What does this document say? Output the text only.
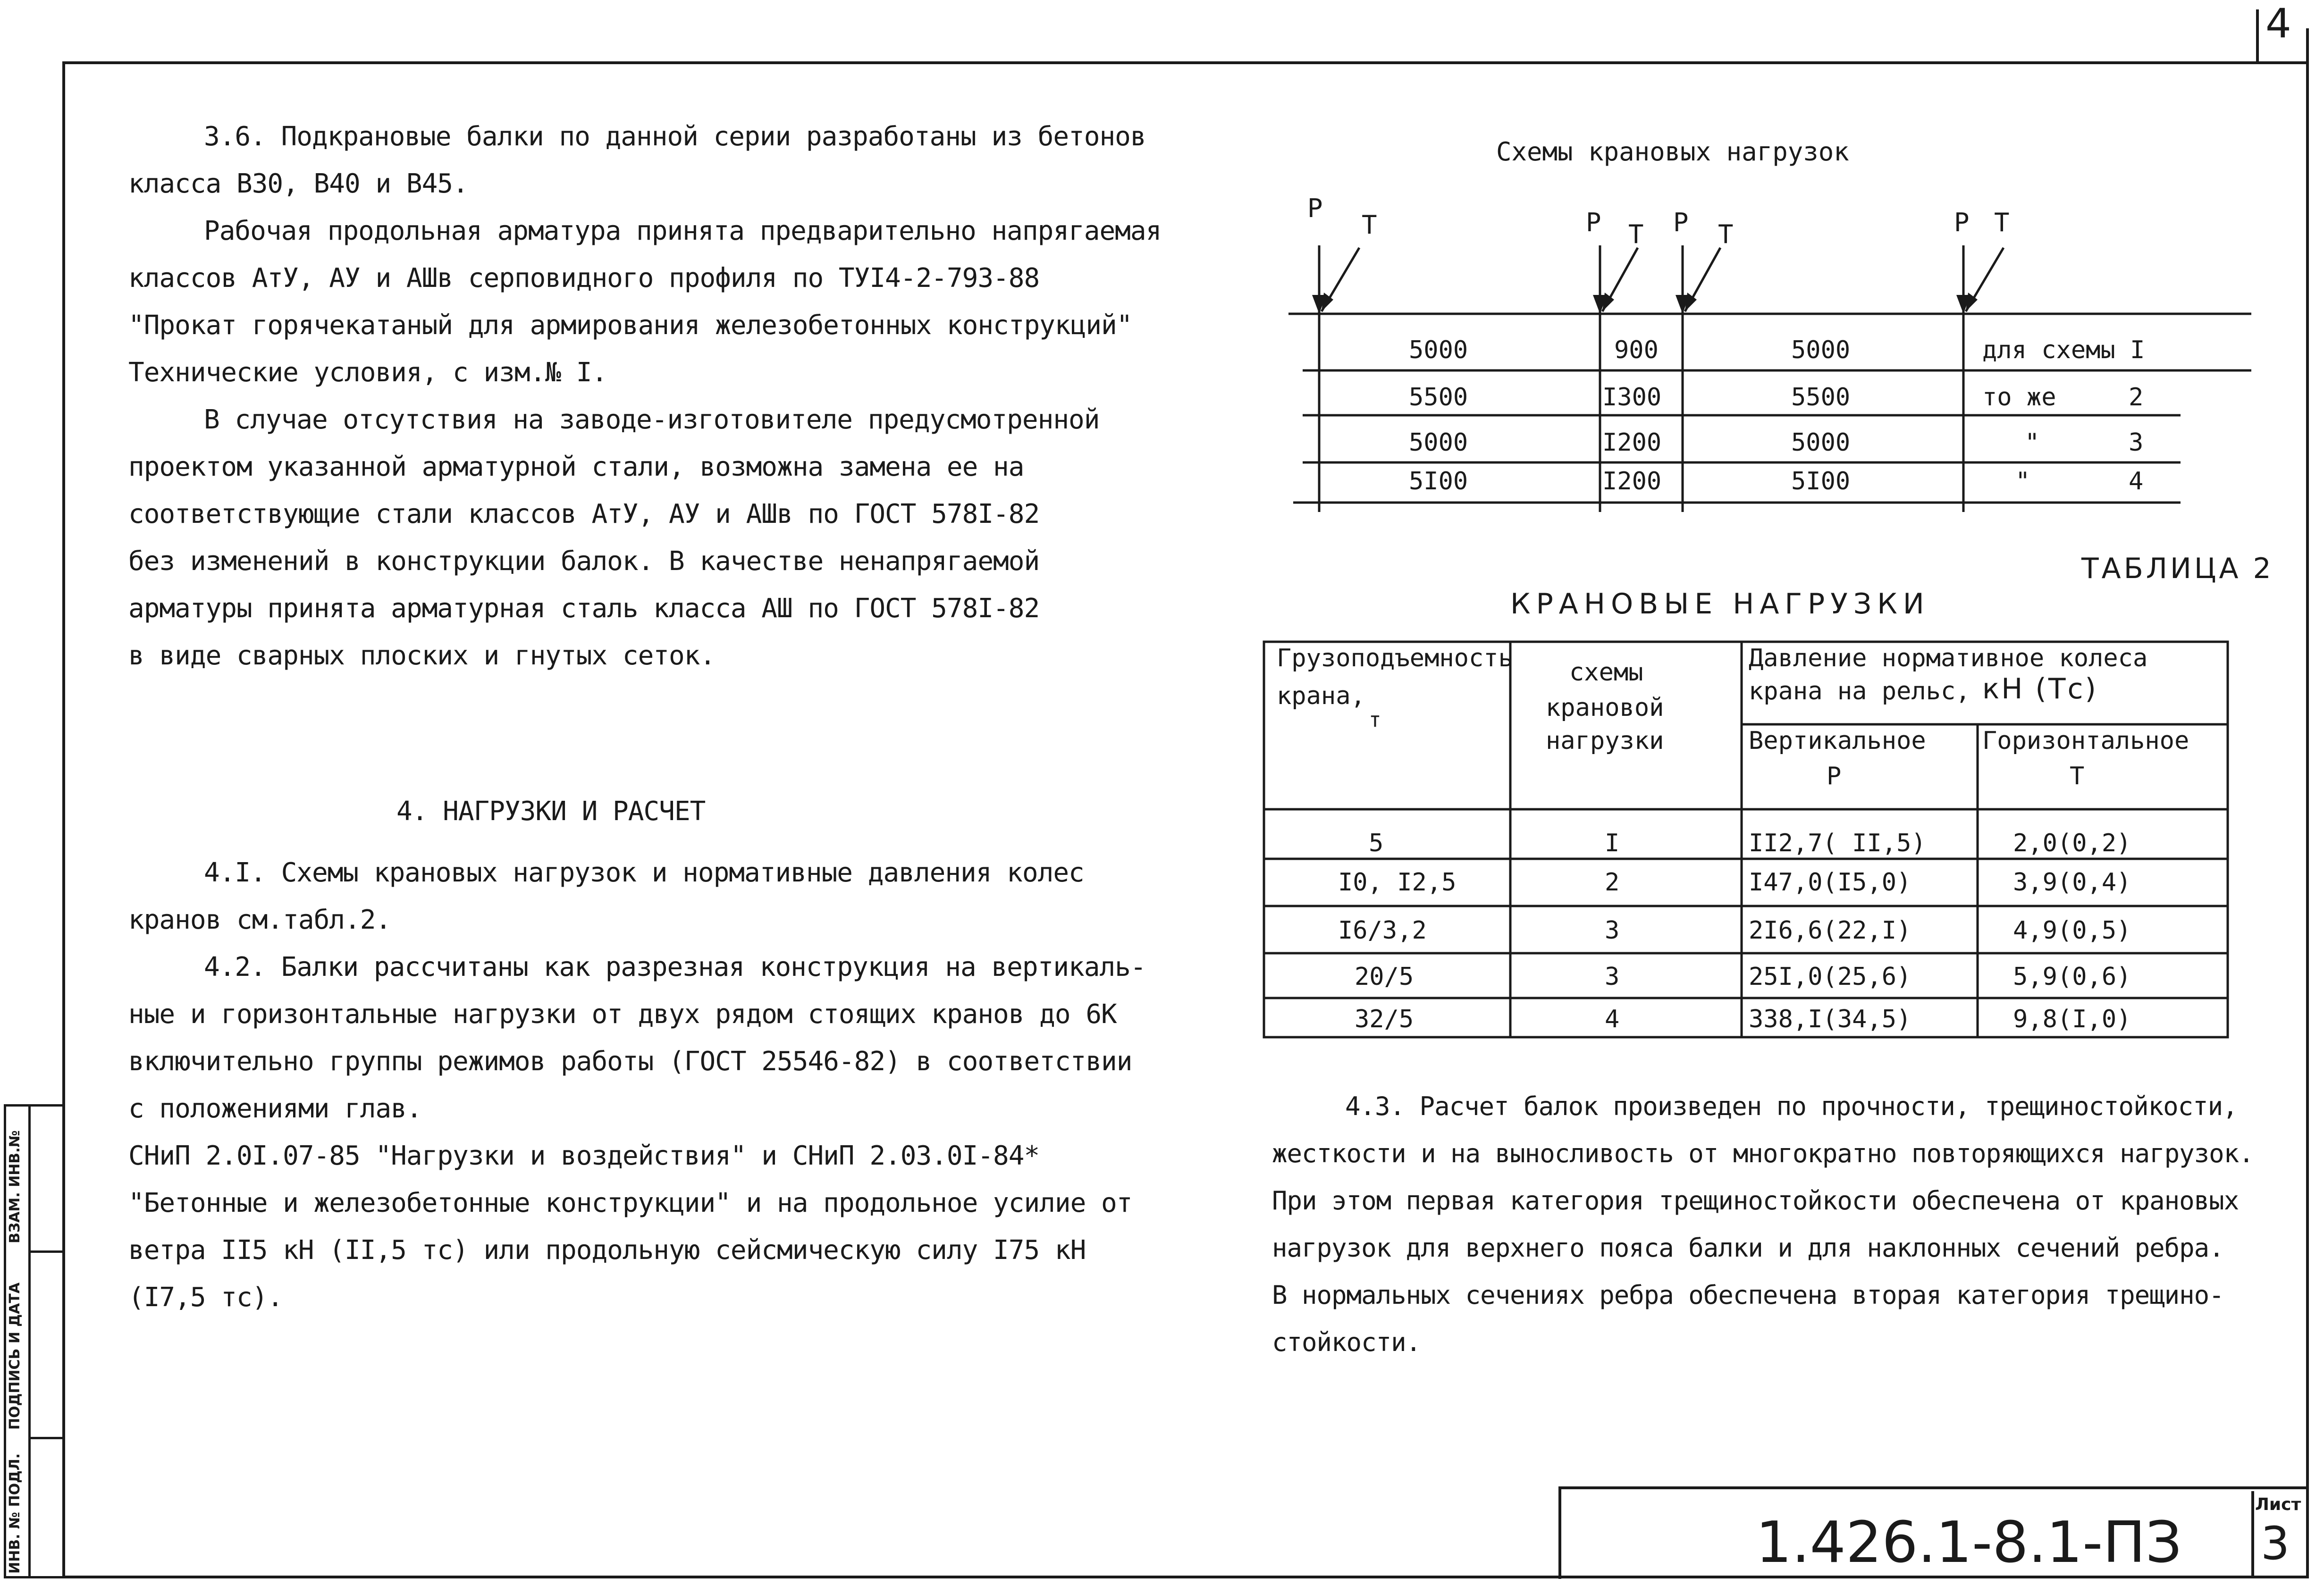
4
ИНВ. № ПОДЛ.
ПОДПИСЬ И ДАТА
ВЗАМ. ИНВ.№
3.6. Подкрановые балки по данной серии разработаны из бетонов
класса В30, В40 и В45.
Рабочая продольная арматура принята предварительно напрягаемая
классов АтУ, АУ и АШв серповидного профиля по ТУI4-2-793-88
"Прокат горячекатаный для армирования железобетонных конструкций"
Технические условия, с изм.№ I.
В случае отсутствия на заводе-изготовителе предусмотренной
проектом указанной арматурной стали, возможна замена ее на
соответствующие стали классов АтУ, АУ и АШв по ГОСТ 578I-82
без изменений в конструкции балок. В качестве ненапрягаемой
арматуры принята арматурная сталь класса АШ по ГОСТ 578I-82
в виде сварных плоских и гнутых сеток.
4. НАГРУЗКИ И РАСЧЕТ
4.I. Схемы крановых нагрузок и нормативные давления колес
кранов см.табл.2.
4.2. Балки рассчитаны как разрезная конструкция на вертикаль-
ные и горизонтальные нагрузки от двух рядом стоящих кранов до 6К
включительно группы режимов работы (ГОСТ 25546-82) в соответствии
с положениями глав.
СНиП 2.0I.07-85 "Нагрузки и воздействия" и СНиП 2.03.0I-84*
"Бетонные и железобетонные конструкции" и на продольное усилие от
ветра II5 кН (II,5 тс) или продольную сейсмическую силу I75 кН
(I7,5 тс).
Схемы крановых нагрузок
P
T	P T P T	P T
5000	900	5000	для схемы I
5500	I300	5500	то же	2
5000	I200	5000	"	3
5I00	I200	5I00	"	4
ТАБЛИЦА 2
КРАНОВЫЕ НАГРУЗКИ
Грузоподъемность
крана,
т
схемы
крановой
нагрузки
Давление нормативное колеса
крана на рельс, кН (Тс)
Вертикальное
P
Горизонтальное
T
5	I	II2,7( II,5)	2,0(0,2)
I0, I2,5	2	I47,0(I5,0)	3,9(0,4)
I6/3,2	3	2I6,6(22,I)	4,9(0,5)
20/5	3	25I,0(25,6)	5,9(0,6)
32/5	4	338,I(34,5)	9,8(I,0)
4.3. Расчет балок произведен по прочности, трещиностойкости,
жесткости и на выносливость от многократно повторяющихся нагрузок.
При этом первая категория трещиностойкости обеспечена от крановых
нагрузок для верхнего пояса балки и для наклонных сечений ребра.
В нормальных сечениях ребра обеспечена вторая категория трещино-
стойкости.
1.426.1-8.1-ПЗ
Лист
3
